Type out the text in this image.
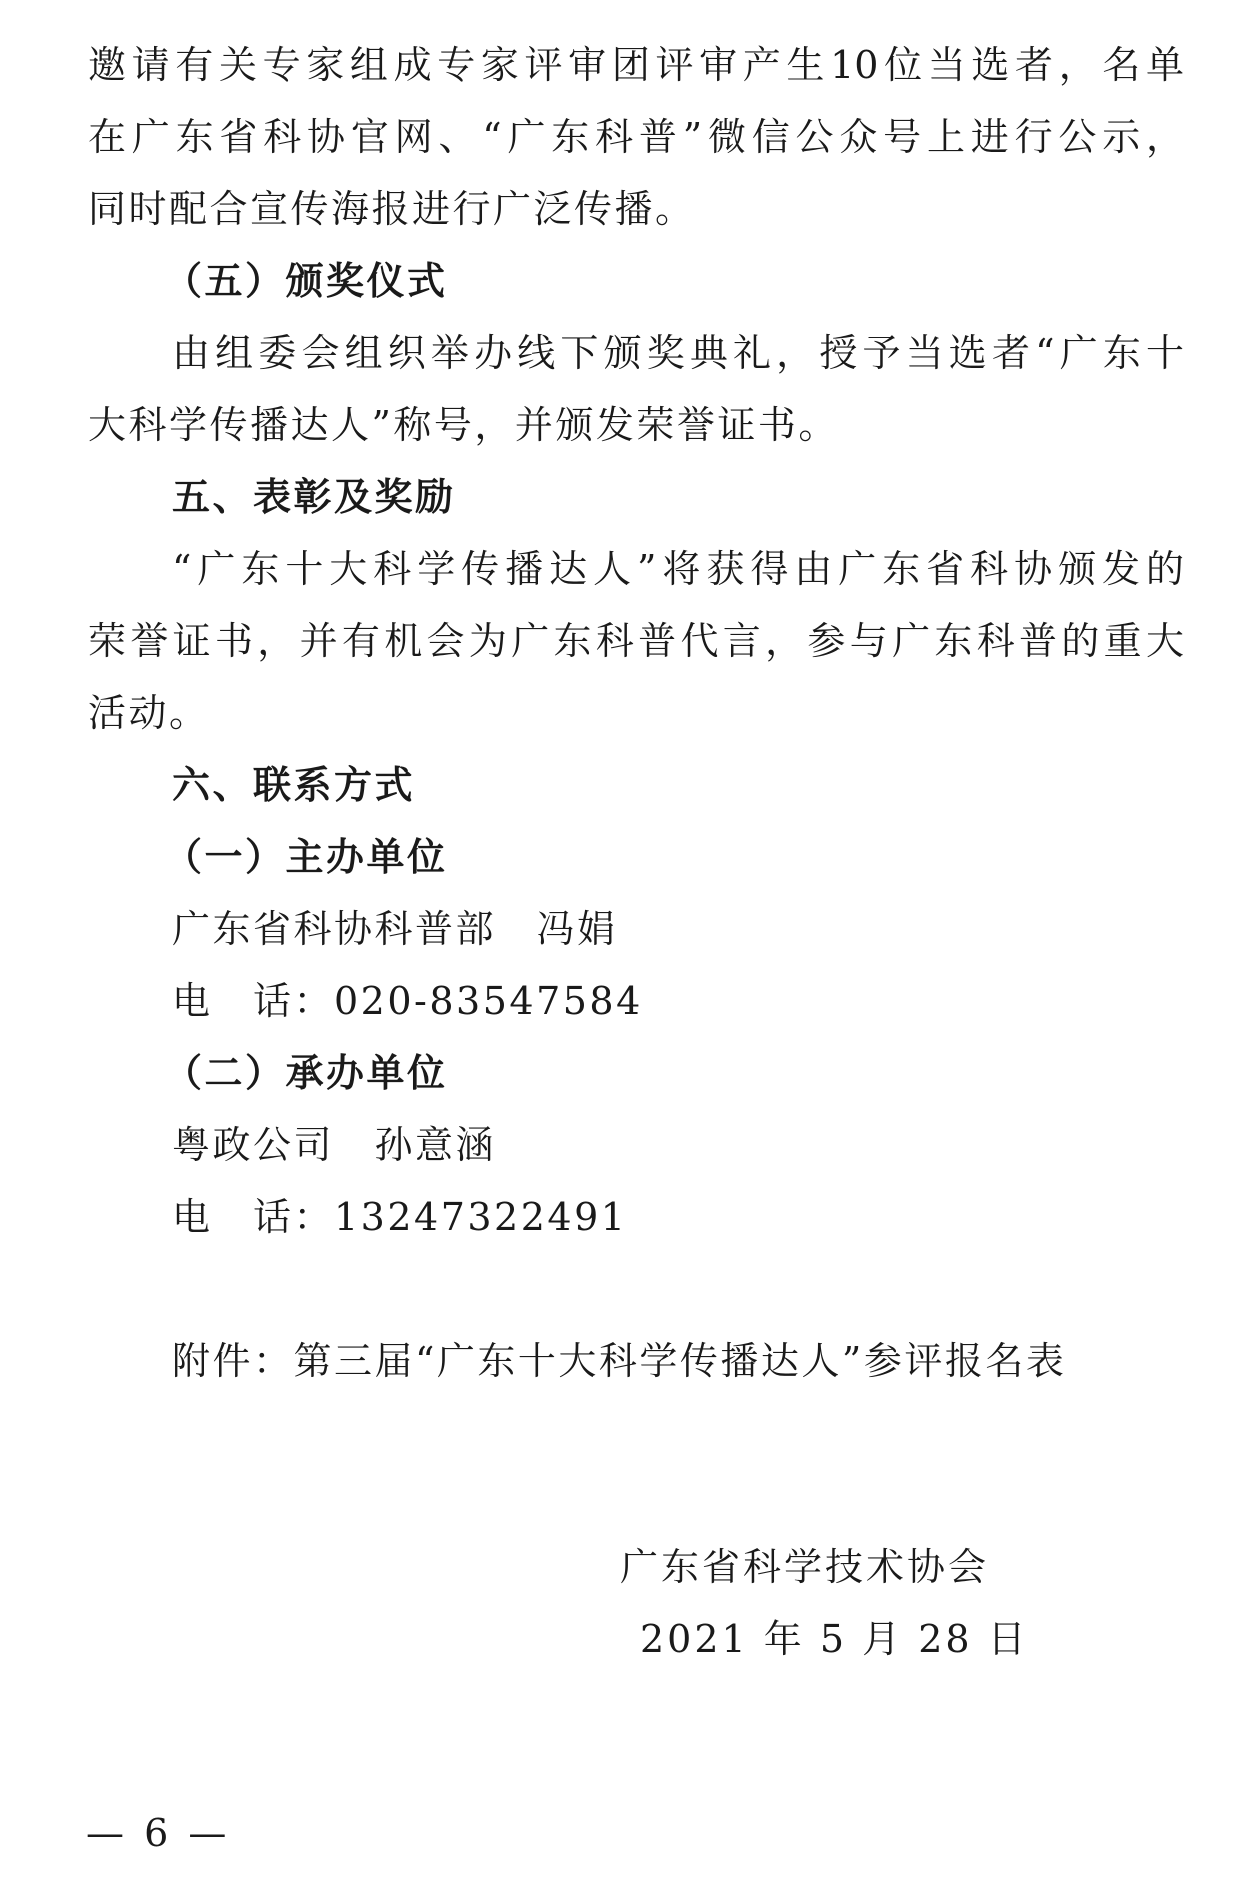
邀请有关专家组成专家评审团评审产生10位当选者，名单
在广东省科协官网、“广东科普”微信公众号上进行公示，
同时配合宣传海报进行广泛传播。
（五）颁奖仪式
由组委会组织举办线下颁奖典礼，授予当选者“广东十
大科学传播达人”称号，并颁发荣誉证书。
五、表彰及奖励
“广东十大科学传播达人”将获得由广东省科协颁发的
荣誉证书，并有机会为广东科普代言，参与广东科普的重大
活动。
六、联系方式
（一）主办单位
广东省科协科普部　冯娟
电　话：020-83547584
（二）承办单位
粤政公司　孙意涵
电　话：13247322491
附件：第三届“广东十大科学传播达人”参评报名表
广东省科学技术协会
2021 年 5 月 28 日
— 6 —
